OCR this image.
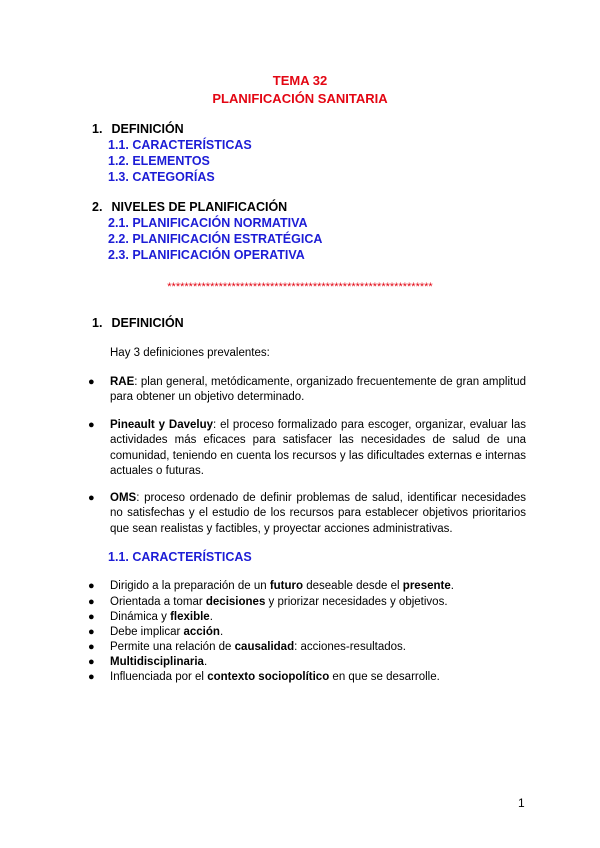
TEMA 32
PLANIFICACIÓN SANITARIA
1. DEFINICIÓN
1.1. CARACTERÍSTICAS
1.2. ELEMENTOS
1.3. CATEGORÍAS
2. NIVELES DE PLANIFICACIÓN
2.1. PLANIFICACIÓN NORMATIVA
2.2. PLANIFICACIÓN ESTRATÉGICA
2.3. PLANIFICACIÓN OPERATIVA
**************************************************************
1. DEFINICIÓN
Hay 3 definiciones prevalentes:
● RAE: plan general, metódicamente, organizado frecuentemente de gran amplitud para obtener un objetivo determinado.
● Pineault y Daveluy: el proceso formalizado para escoger, organizar, evaluar las actividades más eficaces para satisfacer las necesidades de salud de una comunidad, teniendo en cuenta los recursos y las dificultades externas e internas actuales o futuras.
● OMS: proceso ordenado de definir problemas de salud, identificar necesidades no satisfechas y el estudio de los recursos para establecer objetivos prioritarios que sean realistas y factibles, y proyectar acciones administrativas.
1.1. CARACTERÍSTICAS
● Dirigido a la preparación de un futuro deseable desde el presente.
● Orientada a tomar decisiones y priorizar necesidades y objetivos.
● Dinámica y flexible.
● Debe implicar acción.
● Permite una relación de causalidad: acciones-resultados.
● Multidisciplinaria.
● Influenciada por el contexto sociopolítico en que se desarrolle.
1
